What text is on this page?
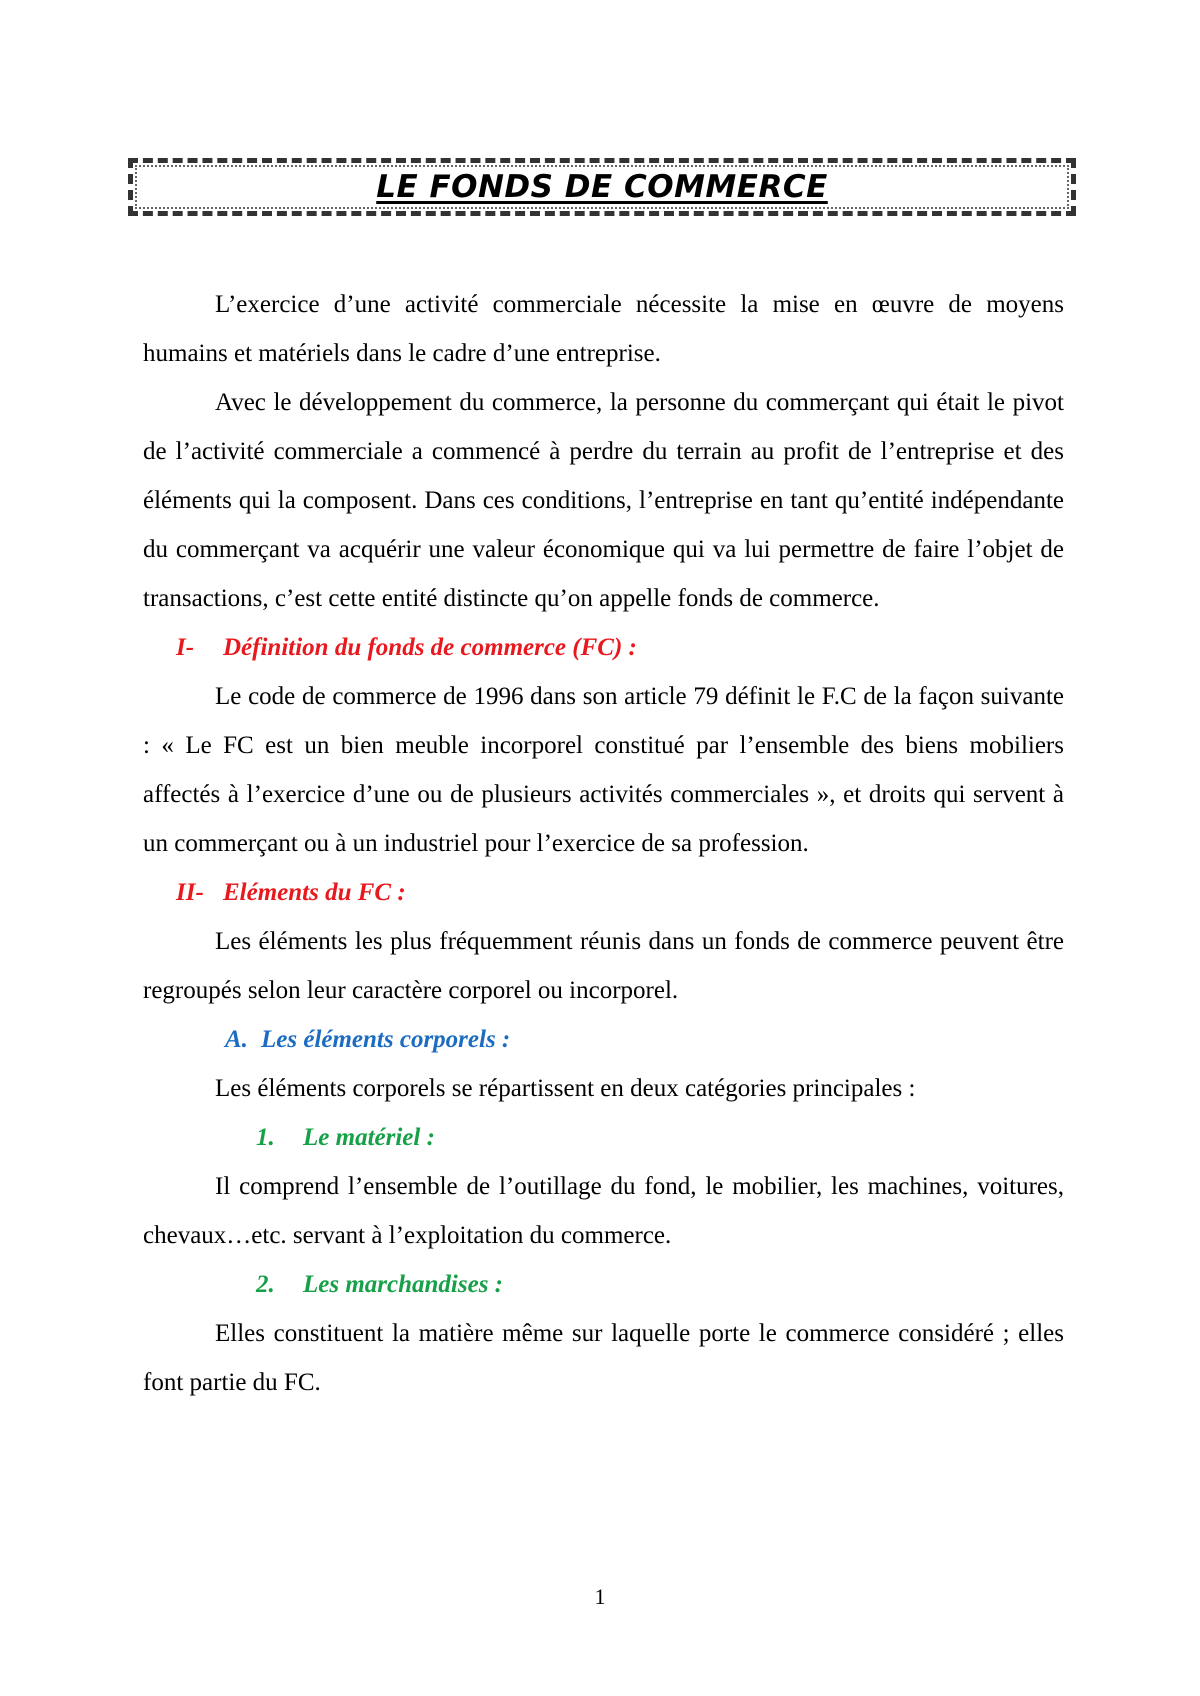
LE FONDS DE COMMERCE

L’exercice d’une activité commerciale nécessite la mise en œuvre de moyens humains et matériels dans le cadre d’une entreprise.

Avec le développement du commerce, la personne du commerçant qui était le pivot de l’activité commerciale a commencé à perdre du terrain au profit de l’entreprise et des éléments qui la composent. Dans ces conditions, l’entreprise en tant qu’entité indépendante du commerçant va acquérir une valeur économique qui va lui permettre de faire l’objet de transactions, c’est cette entité distincte qu’on appelle fonds de commerce.

I- Définition du fonds de commerce (FC) :

Le code de commerce de 1996 dans son article 79 définit le F.C de la façon suivante : « Le FC est un bien meuble incorporel constitué par l’ensemble des biens mobiliers affectés à l’exercice d’une ou de plusieurs activités commerciales », et droits qui servent à un commerçant ou à un industriel pour l’exercice de sa profession.

II- Eléments du FC :

Les éléments les plus fréquemment réunis dans un fonds de commerce peuvent être regroupés selon leur caractère corporel ou incorporel.

A. Les éléments corporels :

Les éléments corporels se répartissent en deux catégories principales :

1. Le matériel :

Il comprend l’ensemble de l’outillage du fond, le mobilier, les machines, voitures, chevaux…etc. servant à l’exploitation du commerce.

2. Les marchandises :

Elles constituent la matière même sur laquelle porte le commerce considéré ; elles font partie du FC.

1
